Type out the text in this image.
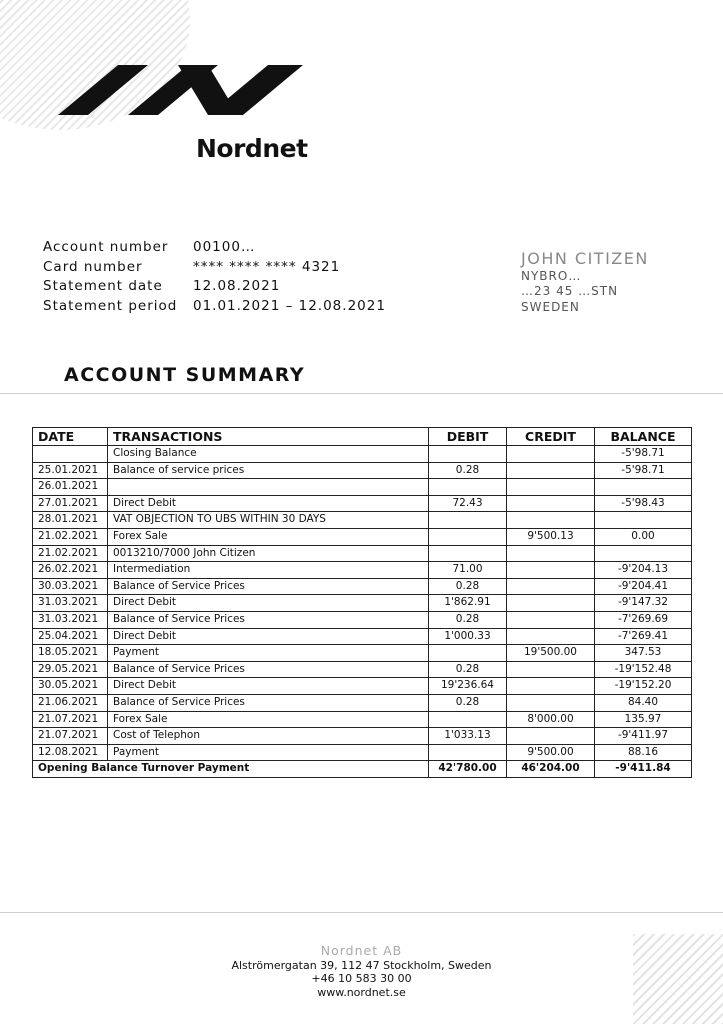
Nordnet
Account number	00100…
Card number	**** **** **** 4321
Statement date	12.08.2021
Statement period	01.01.2021 – 12.08.2021
JOHN CITIZEN
NYBRO…
…23 45 …STN
SWEDEN
ACCOUNT SUMMARY
DATE	TRANSACTIONS	DEBIT	CREDIT	BALANCE
	Closing Balance			-5'98.71
25.01.2021	Balance of service prices	0.28		-5'98.71
26.01.2021				
27.01.2021	Direct Debit	72.43		-5'98.43
28.01.2021	VAT OBJECTION TO UBS WITHIN 30 DAYS			
21.02.2021	Forex Sale		9'500.13	0.00
21.02.2021	0013210/7000 John Citizen			
26.02.2021	Intermediation	71.00		-9'204.13
30.03.2021	Balance of Service Prices	0.28		-9'204.41
31.03.2021	Direct Debit	1'862.91		-9'147.32
31.03.2021	Balance of Service Prices	0.28		-7'269.69
25.04.2021	Direct Debit	1'000.33		-7'269.41
18.05.2021	Payment		19'500.00	347.53
29.05.2021	Balance of Service Prices	0.28		-19'152.48
30.05.2021	Direct Debit	19'236.64		-19'152.20
21.06.2021	Balance of Service Prices	0.28		84.40
21.07.2021	Forex Sale		8'000.00	135.97
21.07.2021	Cost of Telephon	1'033.13		-9'411.97
12.08.2021	Payment		9'500.00	88.16
Opening Balance Turnover Payment		42'780.00	46'204.00	-9'411.84
Nordnet AB
Alströmergatan 39, 112 47 Stockholm, Sweden
+46 10 583 30 00
www.nordnet.se
